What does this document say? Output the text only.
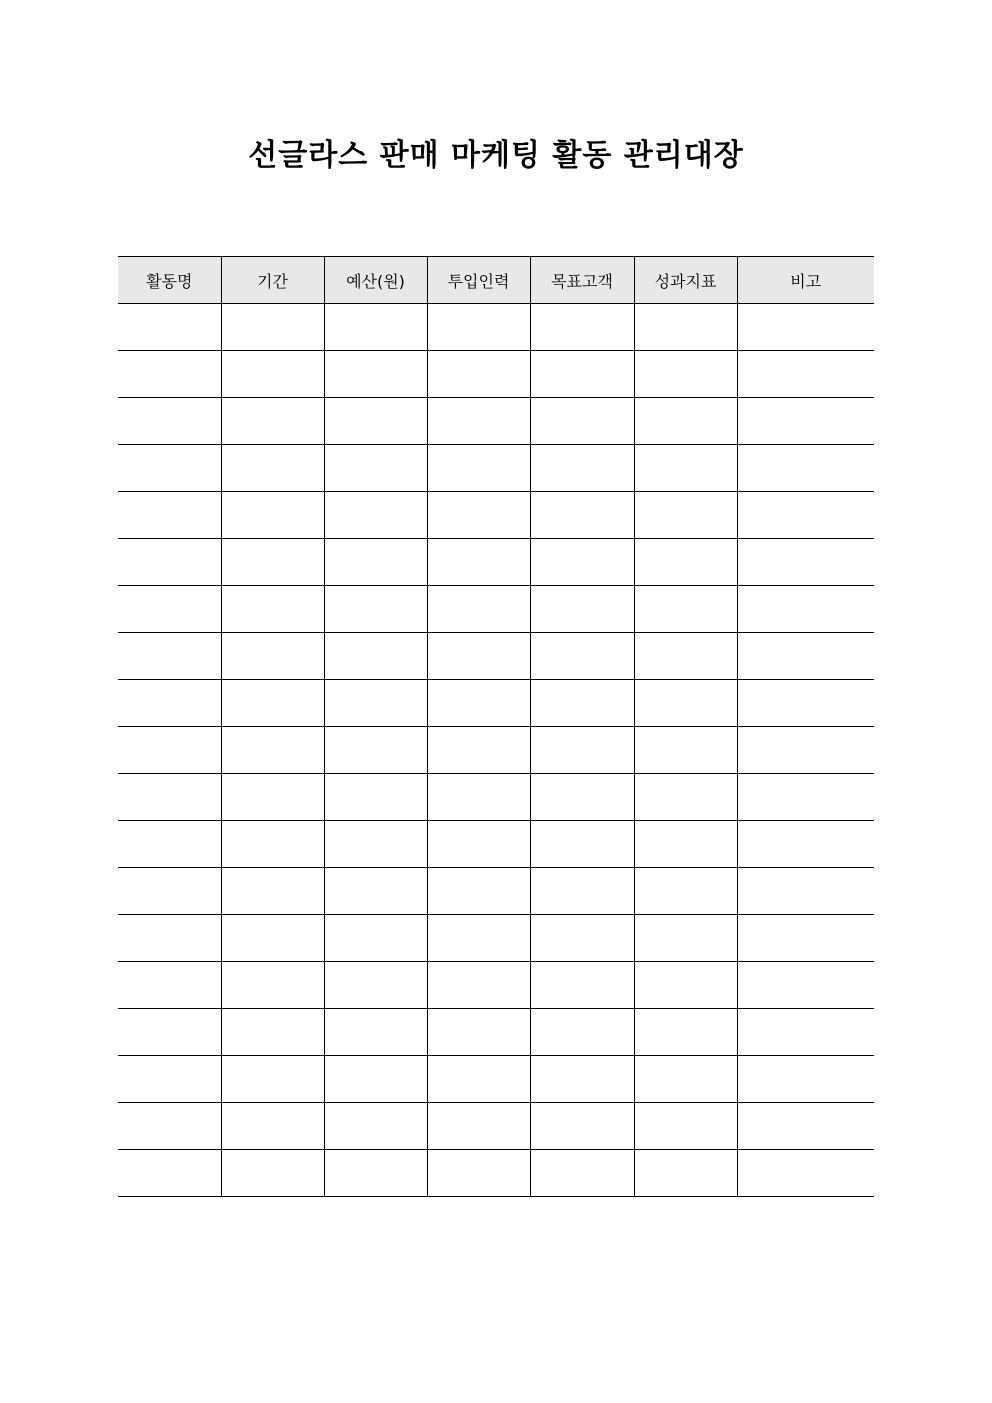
선글라스 판매 마케팅 활동 관리대장
활동명	기간	예산(원)	투입인력	목표고객	성과지표	비고
